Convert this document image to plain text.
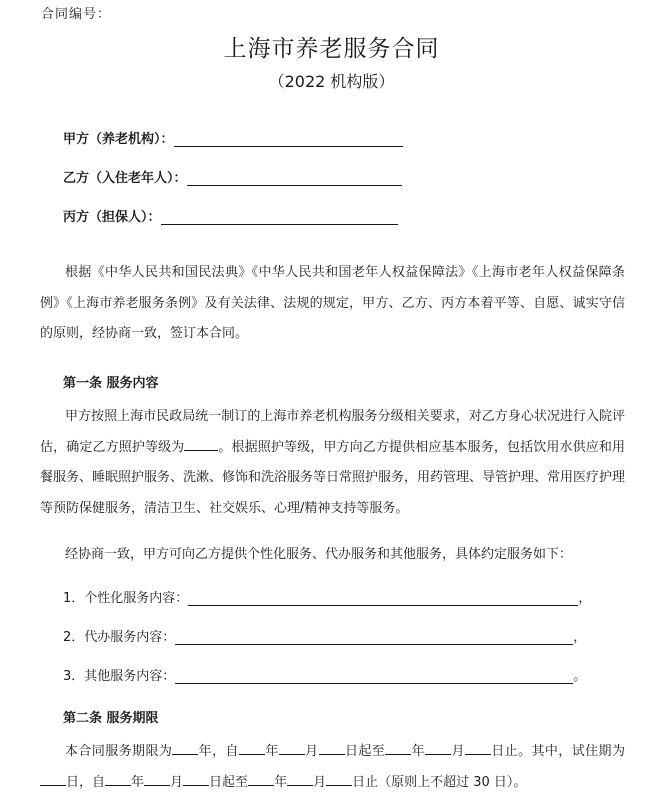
合同编号：
上海市养老服务合同
（2022 机构版）
甲方（养老机构）：
乙方（入住老年人）：
丙方（担保人）：
根据《中华人民共和国民法典》《中华人民共和国老年人权益保障法》《上海市老年人权益保障条例》《上海市养老服务条例》及有关法律、法规的规定，甲方、乙方、丙方本着平等、自愿、诚实守信的原则，经协商一致，签订本合同。
第一条 服务内容
甲方按照上海市民政局统一制订的上海市养老机构服务分级相关要求，对乙方身心状况进行入院评估，确定乙方照护等级为	。根据照护等级，甲方向乙方提供相应基本服务，包括饮用水供应和用餐服务、睡眠照护服务、洗漱、修饰和洗浴服务等日常照护服务，用药管理、导管护理、常用医疗护理等预防保健服务，清洁卫生、社交娱乐、心理/精神支持等服务。
经协商一致，甲方可向乙方提供个性化服务、代办服务和其他服务，具体约定服务如下：
1．个性化服务内容：	，
2．代办服务内容：	，
3．其他服务内容：	。
第二条 服务期限
本合同服务期限为 年，自 年 月 日起至 年 月 日止。其中，试住期为日，自 年 月 日起至 年 月 日止（原则上不超过 30 日）。
